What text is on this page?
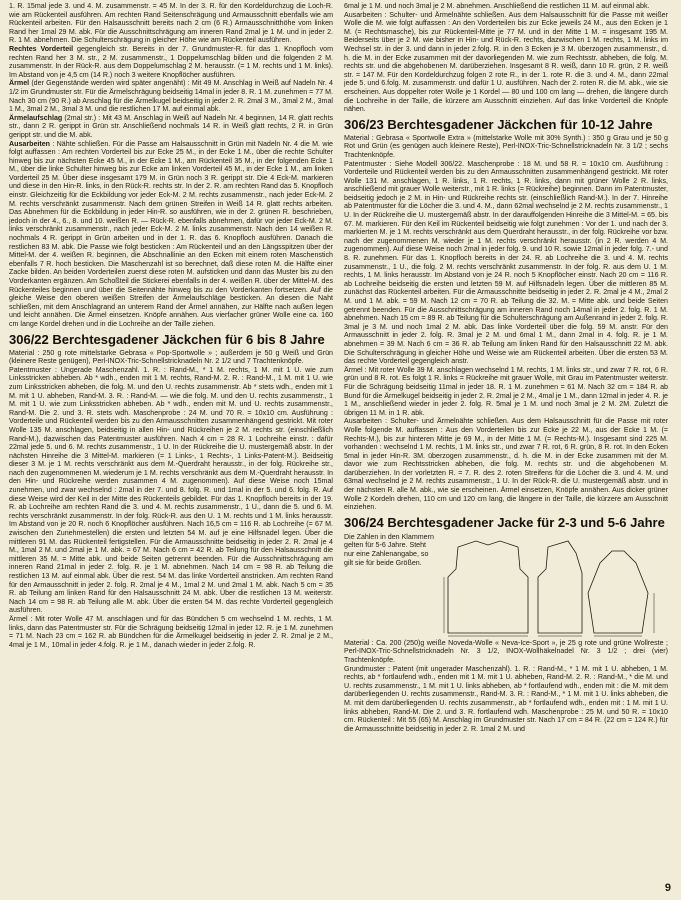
1. R. 15mal jede 3. und 4. M. zusammenstr. = 45 M. In der 3. R. für den Kordeldurchzug die Loch-R. wie am Rückenteil ausführen. Am rechten Rand Seitenschrägung und Armausschnitt ebenfalls wie am Rückenteil arbeiten. Für den Halsausschnitt bereits nach 2 cm (6 R.) Armausschnitthöhe vom linken Rand her 1mal 29 M. abk. Für die Ausschnittschrägung am inneren Rand 2mal je 1 M. und in jeder 2. R. 1 M. abnehmen. Die Schulterschrägung in gleicher Höhe wie am Rückenteil ausführen.

Rechtes Vorderteil gegengleich str. Bereits in der 7. Grundmuster-R. für das 1. Knopfloch vom rechten Rand her 3 M. str., 2 M. zusammenstr., 1 Doppelumschlag bilden und die folgenden 2 M. zusammenstr. In der Rück-R. aus dem Doppelumschlag 2 M. herausstr. (= 1 M. rechts und 1 M. links). Im Abstand von je 4,5 cm (14 R.) noch 3 weitere Knopflöcher ausführen.

Ärmel (der Gegenstände werden wird später angenäht) : Mit 49 M. Anschlag in Weiß auf Nadeln Nr. 4 1/2 im Grundmuster str. Für die Ärmelschrägung beidseitig 14mal in jeder 8. R. 1 M. zunehmen = 77 M. Nach 30 cm (90 R.) ab Anschlag für die Ärmelkugel beidseitig in jeder 2. R. 2mal 3 M., 3mal 2 M., 3mal 1 M., 3mal 2 M., 3mal 3 M. und die restlichen 17 M. auf einmal abk.

Ärmelaufschlag (2mal str.) : Mit 43 M. Anschlag in Weiß auf Nadeln Nr. 4 beginnen, 14 R. glatt rechts str., dann 2 R. gerippt in Grün str. Anschließend nochmals 14 R. in Weiß glatt rechts, 2 R. in Grün gerippt str. und die M. abk.

Ausarbeiten : Nähte schließen. Für die Passe am Halsausschnitt in Grün mit Nadeln Nr. 4 die M. wie folgt auffassen : Am rechten Vorderteil bis zur Ecke 25 M., in der Ecke 1 M., über die rechte Schulter hinweg bis zur nächsten Ecke 45 M., in der Ecke 1 M., am Rückenteil 35 M., in der folgenden Ecke 1 M., über die linke Schulter hinweg bis zur Ecke am linken Vorderteil 45 M., in der Ecke 1 M., am linken Vorderteil 25 M. Über diese insgesamt 179 M. in Grün noch 3 R. gerippt str. Die 4 Eck-M. markieren und diese in den Hin-R. links, in den Rück-R. rechts str. In der 2. R. am rechten Rand das 5. Knopfloch einstr. Gleichzeitig für die Eckbildung vor jeder Eck-M. 2 M. rechts zusammenstr., nach jeder Eck-M. 2 M. rechts verschränkt zusammenstr. Nach dem grünen Streifen in Weiß 14 R. glatt rechts arbeiten. Das Abnehmen für die Eckbildung in jeder Hin-R. so ausführen, wie in der 2. grünen R. beschrieben, jedoch in der 4., 6., 8. und 10. weißen R. — Rück-R. ebenfalls abnehmen, dafür vor jeder Eck-M. 2 M. links verschränkt zusammenstr., nach jeder Eck-M. 2 M. links zusammenstr. Nach den 14 weißen R. nochmals 4 R. gerippt in Grün arbeiten und in der 1. R. das 6. Knopfloch ausführen. Danach die restlichen 83 M. abk. Die Passe wie folgt besticken : Am Rückenteil und an den Längsspitzen über der Mittel-M. der 4. weißen R. beginnen, die Abschnallinie an den Ecken mit einem roten Maschenstich ebenfalls 7 R. hoch besticken. Die Maschenzahl ist so berechnet, daß diese roten M. die Hälfte einer Zacke bilden. An beiden Vorderteilen zuerst diese roten M. aufsticken und dann das Muster bis zu den Vorderkanten ergänzen. Am Schoßteil die Stickerei ebenfalls in der 4. weißen R. über der Mittel-M. des Rückenteiles beginnen und über die Seitennähte hinweg bis zu den Vorderkanten fortsetzen. Auf die gleiche Weise den oberen weißen Streifen der Ärmelaufschläge besticken. An diesen die Naht schließen, mit dem Anschlagrand an unterem Rand der Ärmel annähen, zur Hälfte nach außen legen und leicht annähen. Die Ärmel einsetzen. Knöpfe annähen. Aus vierfacher grüner Wolle eine ca. 160 cm lange Kordel drehen und in die Lochreihe an der Taille ziehen.

306/22 Berchtesgadener Jäckchen für 6 bis 8 Jahre

Material : 250 g rote mittelstarke Gebrasa « Pop-Sportwolle » ; außerdem je 50 g Weiß und Grün (kleinere Reste genügen), Perl-INOX-Tric-Schnellstricknadeln Nr. 2 1/2 und 7 Trachtenknöpfe.

Patentmuster : Ungerade Maschenzahl. 1. R. : Rand-M., * 1 M. rechts, 1 M. mit 1 U. wie zum Linksstricken abheben. Ab * wdh., enden mit 1 M. rechts, Rand-M. 2. R. : Rand-M., 1 M. mit 1 U. wie zum Linksstricken abheben, die folg. M. und den U. rechts zusammenstr. Ab * stets wdh., enden mit 1 M. mit 1 U. abheben, Rand-M. 3. R. : Rand-M. — wie die folg. M. und den U. rechts zusammenstr., 1 M. mit 1 U. wie zum Linksstricken abheben. Ab * wdh., enden mit M. und U. rechts zusammenstr., Rand-M. Die 2. und 3. R. stets wdh. Maschenprobe : 24 M. und 70 R. = 10x10 cm. Ausführung : Vorderteile und Rückenteil werden bis zu den Armausschnitten zusammenhängend gestrickt. Mit roter Wolle 135 M. anschlagen, beidseitig in allen Hin- und Rückreihen je 2 M. rechts str. (einschließlich Rand-M.), dazwischen das Patentmuster ausführen. Nach 4 cm = 28 R. 1 Lochreihe einstr. : dafür 22mal jede 5. und 6. M. rechts zusammenstr., 1 U. In der Rückreihe die U. mustergemäß abstr. In der nächsten Hinreihe die 3 Mittel-M. markieren (= 1 Links-, 1 Rechts-, 1 Links-Patent-M.). Beidseitig dieser 3 M. je 1 M. rechts verschränkt aus dem M.-Querdraht herausstr., in der folg. Rückreihe str., nach den zugenommenen M. wiederum je 1 M. rechts verschränkt aus dem M.-Querdraht herausstr. In den Hin- und Rückreihe werden zusammen 4 M. zugenommen). Auf diese Weise noch 15mal zunehmen, und zwar wechselnd : 2mal in der 7. und 8. folg. R. und 1mal in der 5. und 6. folg. R. Auf diese Weise wird der Keil in der Mitte des Rückenteils gebildet. Für das 1. Knopfloch bereits in der 19. R. ab Lochreihe am rechten Rand die 3. und 4. M. rechts zusammenstr., 1 U., dann die 5. und 6. M. rechts verschränkt zusammenstr. In der folg. Rück-R. aus den U. 1 M. rechts und 1 M. links herausstr. Im Abstand von je 20 R. noch 6 Knopflöcher ausführen. Nach 16,5 cm = 116 R. ab Lochreihe (= 67 M. zwischen den Zunehmestellen) die ersten und letzten 54 M. auf je eine Hilfsnadel legen. Über die mittleren 91 M. das Rückenteil fertigstellen. Für die Armausschnitte beidseitig in jeder 2. R. 2mal je 4 M., 1mal 2 M. und 2mal je 1 M. abk. = 67 M. Nach 6 cm = 42 R. ab Teilung für den Halsausschnitt die mittleren 35 M. = Mitte abk. und beide Seiten getrennt beenden. Für die Ausschnittschrägung am inneren Rand 21mal in jeder 2. folg. R. je 1 M. abnehmen. Nach 14 cm = 98 R. ab Teilung die restlichen 13 M. auf einmal abk. Über die rest. 54 M. das linke Vorderteil anstricken. Am rechten Rand für den Armausschnitt in jeder 2. folg. R. 2mal je 4 M., 1mal 2 M. und 2mal 1 M. abk. Nach 5 cm = 35 R. ab Teilung am linken Rand für den Halsausschnitt 24 M. abk. Über die restlichen 13 M. weiterstr. Nach 14 cm = 98 R. ab Teilung alle M. abk. Über die ersten 54 M. das rechte Vorderteil gegengleich ausführen.

Ärmel : Mit roter Wolle 47 M. anschlagen und für das Bündchen 5 cm wechselnd 1 M. rechts, 1 M. links, dann das Patentmuster str. Für die Schrägung beidseitig 12mal in jeder 12. R. je 1 M. zunehmen = 71 M. Nach 23 cm = 162 R. ab Bündchen für die Ärmelkugel beidseitig in jeder 2. R. 2mal je 2 M., 4mal je 1 M., 10mal in jeder 4.folg. R. je 1 M., danach wieder in jeder 2.folg. R.

6mal je 1 M. und noch 3mal je 2 M. abnehmen. Anschließend die restlichen 11 M. auf einmal abk.

Ausarbeiten : Schulter- und Ärmelnähte schließen. Aus dem Halsausschnitt für die Passe mit weißer Wolle die M. wie folgt auffassen : An den Vorderteilen bis zur Ecke jeweils 24 M., aus den Ecken je 1 M. (= Rechtsmasche), bis zur Rückenteil-Mitte je 77 M. und in der Mitte 1 M. = insgesamt 195 M. Beiderseits über je 2 M. wie bisher in Hin- und Rück-R. rechts, dazwischen 1 M. rechts, 1 M. links im Wechsel str. in der 3. und dann in jeder 2.folg. R. in den 3 Ecken je 3 M. überzogen zusammenstr., d. h. die M. in der Ecke zusammen mit der davorliegenden M. wie zum Rechtsstr. abheben, die folg. M. rechts str. und die abgehobenen M. darüberziehen. Insgesamt 8 R. weiß, dann 10 R. grün, 2 R. weiß str. = 147 M. Für den Kordeldurchzug folgen 2 rote R., in der 1. rote R. die 3. und 4. M., dann 22mal jede 5. und 6.folg. M. zusammenstr. und dafür 1 U. ausführen. Nach der 2. roten R. die M. abk., wie sie erscheinen. Aus doppelter roter Wolle je 1 Kordel — 80 und 100 cm lang — drehen, die längere durch die Lochreihe in der Taille, die kürzere am Ausschnitt einziehen. Auf das linke Vorderteil die Knöpfe nähen.

306/23 Berchtesgadener Jäckchen für 10-12 Jahre

Material : Gebrasa « Sportwolle Extra » (mittelstarke Wolle mit 30% Synth.) : 350 g Grau und je 50 g Rot und Grün (es genügen auch kleinere Reste), Perl-INOX-Tric-Schnellstricknadeln Nr. 3 1/2 ; sechs Trachtenknöpfe.

Patentmuster : Siehe Modell 306/22. Maschenprobe : 18 M. und 58 R. = 10x10 cm. Ausführung : Vorderteile und Rückenteil werden bis zu den Armausschnitten zusammenhängend gestrickt. Mit roter Wolle 131 M. anschlagen, 1 R. links, 1 R. rechts, 1 R. links, dann mit grüner Wolle 2 R. links, anschließend mit grauer Wolle weiterstr., mit 1 R. links (= Rückreihe) beginnen. Dann im Patentmuster, beidseitig jedoch je 2 M. in Hin- und Rückreihe rechts str. (einschließlich Rand-M.). In der 7. Hinreihe ab Patentmuster für die Löcher die 3. und 4. M., dann 62mal wechselnd je 2 M. rechts zusammenstr., 1 U. In der Rückreihe die U. mustergemäß abstr. In der darauffolgenden Hinreihe die 3 Mittel-M. = 65. bis 67. M. markieren. Für den Keil im Rückenteil beidseitig wie folgt zunehmen : Vor der 1. und nach der 3. markierten M. je 1 M. rechts verschränkt aus dem Querdraht herausstr., in der folg. Rückreihe vor bzw. nach der zugenommenen M. wieder je 1 M. rechts verschränkt herausstr. (in 2 R. werden 4 M. zugenommen). Auf diese Weise noch 2mal in jeder folg. 9. und 10 R. sowie 12mal in jeder folg. 7.- und 8. R. zunehmen. Für das 1. Knopfloch bereits in der 24. R. ab Lochreihe die 3. und 4. M. rechts zusammenstr., 1 U., die folg. 2 M. rechts verschränkt zusammenstr. In der folg. R. aus dem U. 1 M. rechts, 1 M. links herausstr. Im Abstand von je 24 R. noch 5 Knopflöcher einstr. Nach 20 cm = 116 R. ab Lochreihe beidseitig die ersten und letzten 59 M. auf Hilfsnadeln legen. Über die mittleren 85 M. zunächst das Rückenteil arbeiten. Für die Armausschnitte beidseitig in jeder 2. R. 2mal je 4 M., 2mal 2 M. und 1 M. abk. = 59 M. Nach 12 cm = 70 R. ab Teilung die 32. M. = Mitte abk. und beide Seiten getrennt beenden. Für die Ausschnittschrägung am inneren Rand noch 14mal in jeder 2. folg. R. 1 M. abnehmen. Nach 15 cm = 89 R. ab Teilung für die Schulterschrägung am Außenrand in jeder 2. folg. R. 3mal je 3 M. und noch 1mal 2 M. abk. Das linke Vorderteil über die folg. 59 M. anstr. Für den Armausschnitt in jeder 2. folg. R. 3mal je 2 M. und 6mal 1 M., dann 2mal in 4. folg. R. je 1 M. abnehmen = 39 M. Nach 6 cm = 36 R. ab Teilung am linken Rand für den Halsausschnitt 22 M. abk. Die Schulterschrägung in gleicher Höhe und Weise wie am Rückenteil arbeiten. Über die ersten 53 M. das rechte Vorderteil gegengleich anstr.

Ärmel : Mit roter Wolle 39 M. anschlagen wechselnd 1 M. rechts, 1 M. links str., und zwar 7 R. rot, 6 R. grün und 8 R. rot. Es folgt 1 R. links = Rückreihe mit grauer Wolle, mit Grau im Patentmuster weiterstr. Für die Schrägung beidseitig 11mal in jeder 18. R. 1 M. zunehmen = 61 M. Nach 32 cm = 184 R. ab Bund für die Ärmelkugel beidseitig in jeder 2. R. 2mal je 2 M., 4mal je 1 M., dann 12mal in jeder 4. R. je 1 M., anschließend wieder in jeder 2. folg. R. 5mal je 1 M. und noch 3mal je 2 M. 2M. Zuletzt die übrigen 11 M. in 1 R. abk.

Ausarbeiten : Schulter- und Ärmelnähte schließen. Aus dem Halsausschnitt für die Passe mit roter Wolle folgende M. auffassen : Aus den Vorderteilen bis zur Ecke je 22 M., aus der Ecke 1 M. (= Rechts-M.), bis zur hinteren Mitte je 69 M., in der Mitte 1 M. (= Rechts-M.). Insgesamt sind 225 M. vorhanden : wechselnd 1 M. rechts, 1 M. links str., und zwar 7 R. rot, 6 R. grün, 8 R. rot. In den Ecken 5mal in jeder Hin-R. 3M. überzogen zusammenstr., d. h. die M. in der Ecke zusammen mit der M. davor wie zum Rechtsstricken abheben, die folg. M. rechts str. und die abgehobenen M. darüberziehen. In der vorletzten R. = 7. R. des 2. roten Streifens für die Löcher die 3. und 4. M. und 63mal wechselnd je 2 M. rechts zusammenstr., 1 U. In der Rück-R. die U. mustergemäß abstr. und in der nächsten R. alle M. abk., wie sie erscheinen. Ärmel einsetzen, Knöpfe annähen. Aus dicker grüner Wolle 2 Kordeln drehen, 110 cm und 120 cm lang, die längere in der Taille, die kürzere am Ausschnitt einziehen.

306/24 Berchtesgadener Jacke für 2-3 und 5-6 Jahre
Die Zahlen in den Klammern gelten für 5-6 Jahre. Steht nur eine Zahlenangabe, so gilt sie für beide Größen.

Material : Ca. 200 (250)g weiße Noveda-Wolle « Neva-Ice-Sport », je 25 g rote und grüne Wollreste ; Perl-INOX-Tric-Schnellstricknadeln Nr. 3 1/2, INOX-Wollhäkelnadel Nr. 3 1/2 ; drei (vier) Trachtenknöpfe.

Grundmuster : Patent (mit ungerader Maschenzahl). 1. R. : Rand-M., * 1 M. mit 1 U. abheben, 1 M. rechts, ab * fortlaufend wdh., enden mit 1 M. mit 1 U. abheben, Rand-M. 2. R. : Rand-M., * die M. und U. rechts zusammenstr., 1 M. mit 1 U. links abheben, ab * fortlaufend wdh., enden mit : die M. mit dem darüberliegenden U. rechts zusammenstr., Rand-M. 3. R. : Rand-M., * 1 M. mit 1 U. links abheben, die M. mit dem darüberliegenden U. rechts zusammenstr., ab * fortlaufend wdh., enden mit : 1 M. mit 1 U. links abheben, Rand-M. Die 2. und 3. R. fortlaufend wdh. Maschenprobe : 25 M. und 50 R. = 10x10 cm. Rückenteil : Mit 55 (65) M. Anschlag im Grundmuster str. Nach 17 cm = 84 R. (22 cm = 124 R.) für die Armausschnitte beidseitig in jeder 2. R. 1mal 2 M. und

9
